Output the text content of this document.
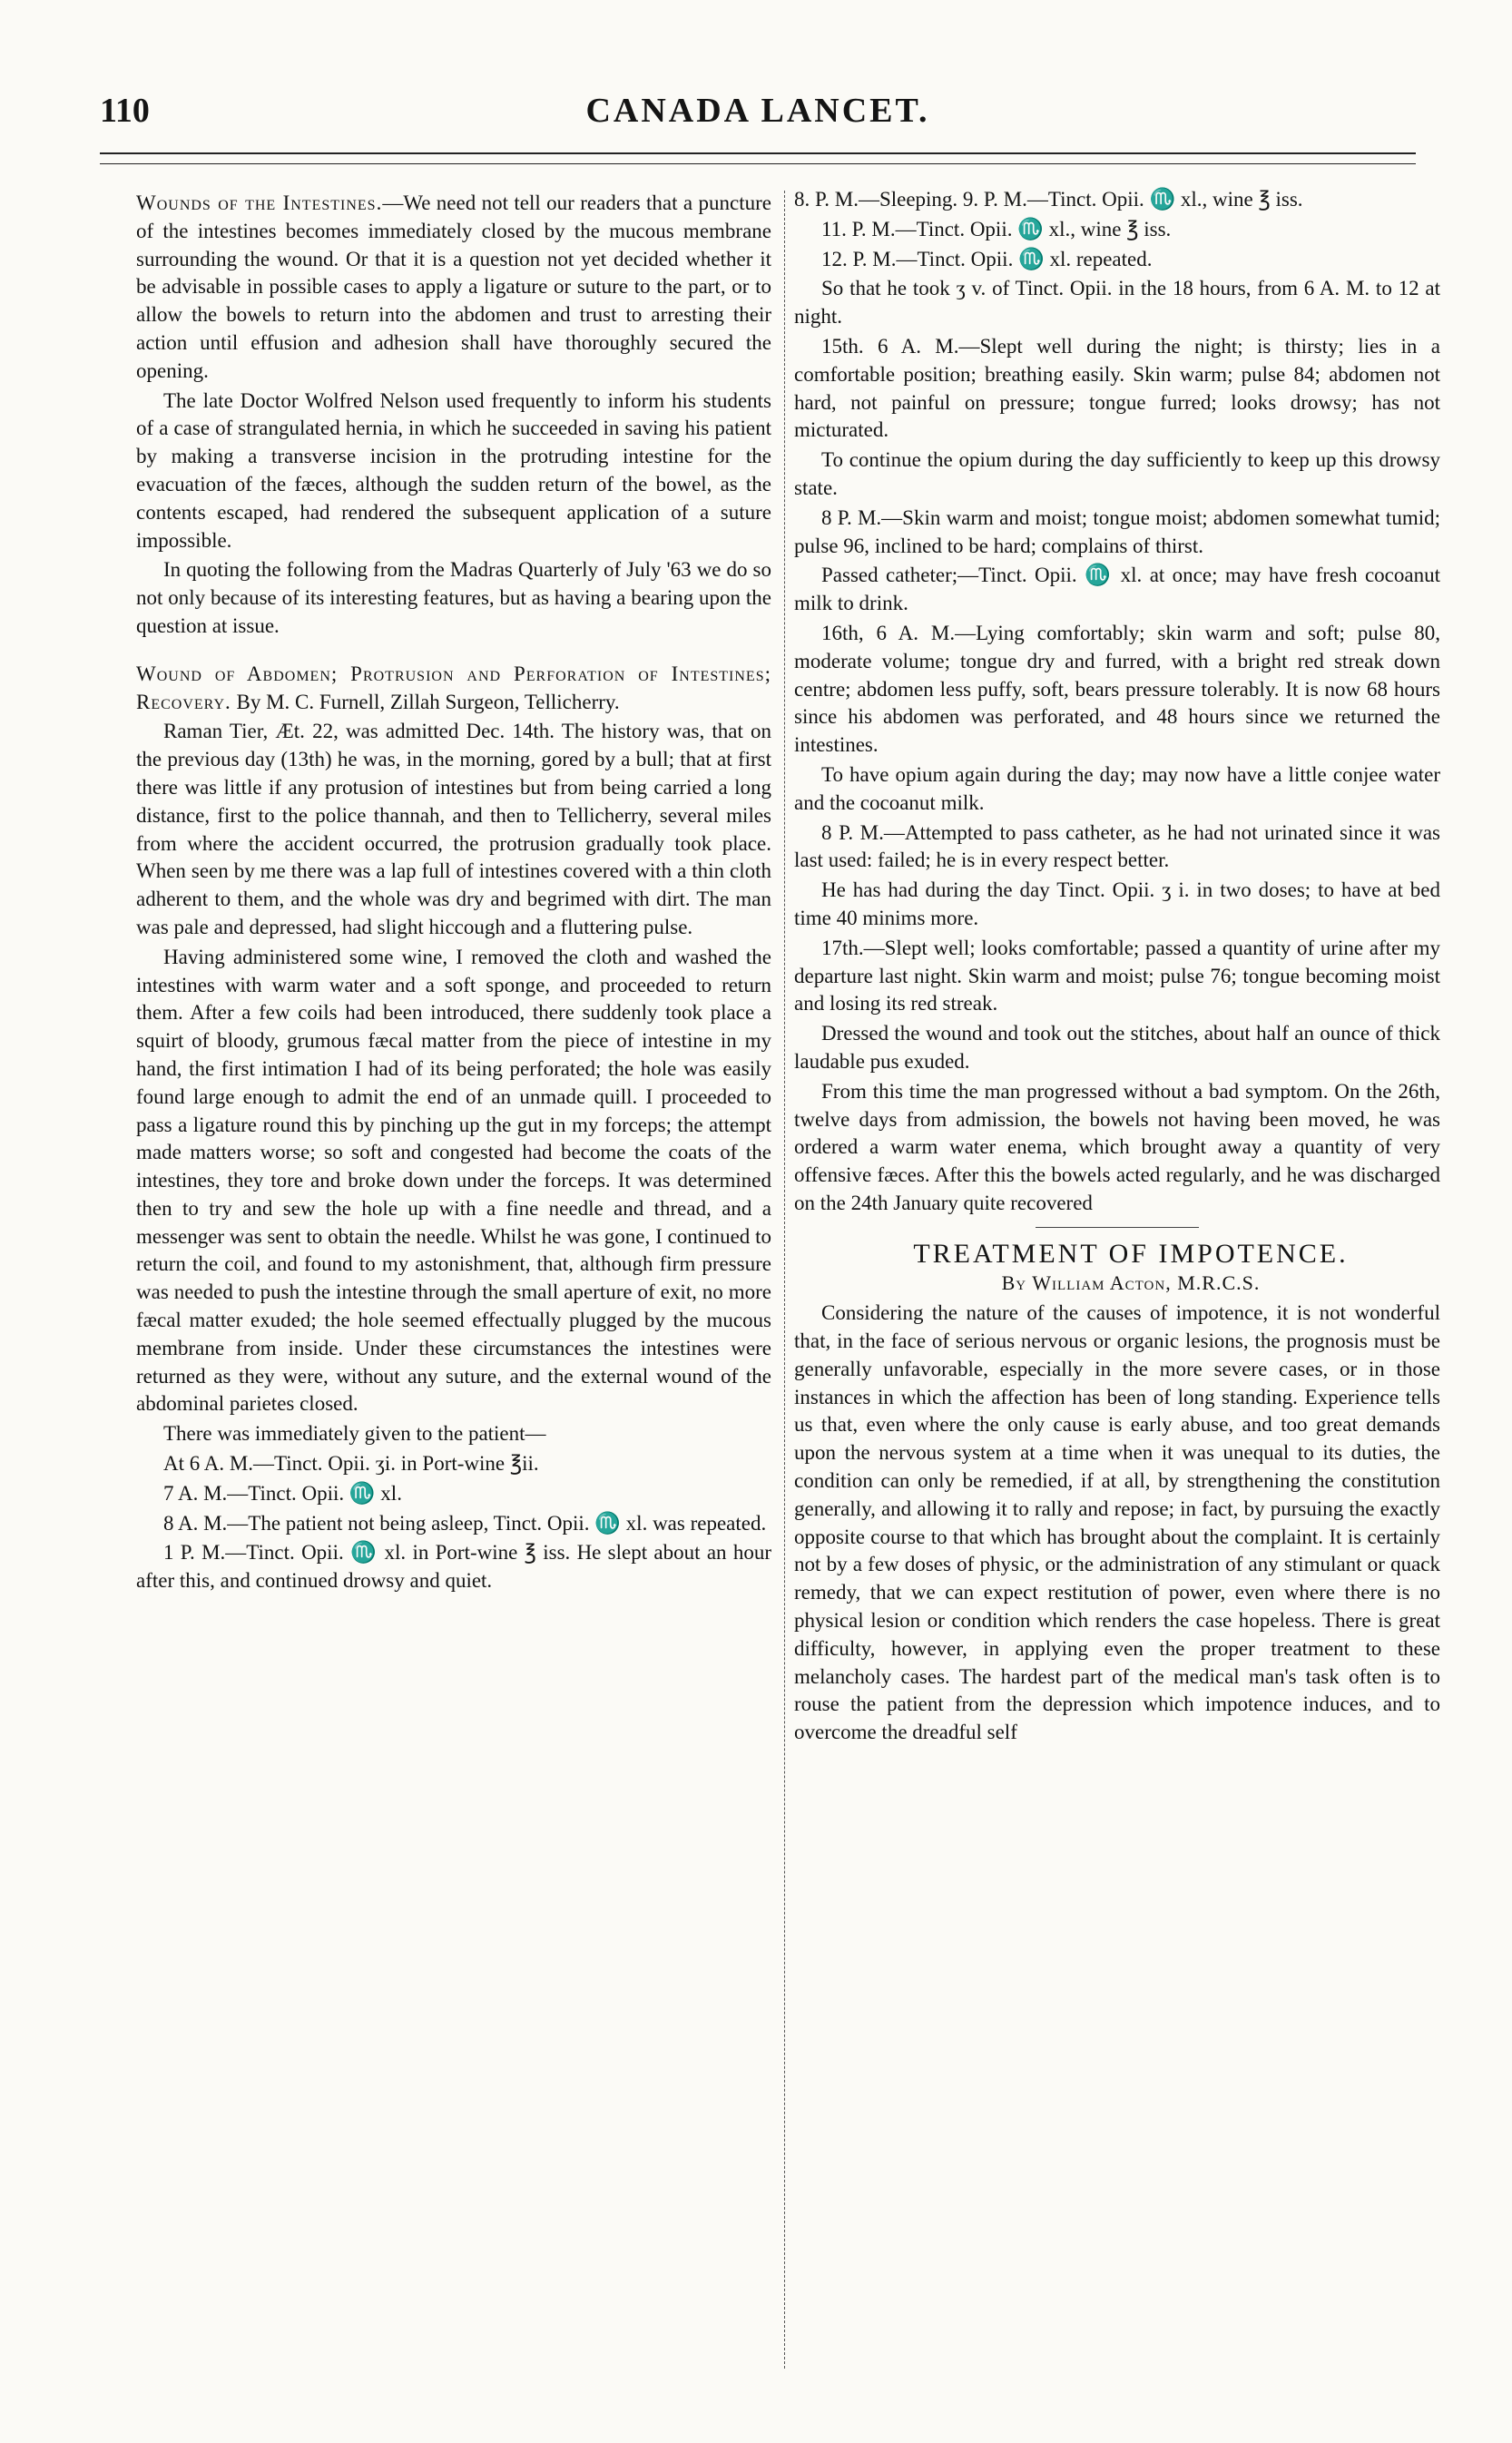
CANADA LANCET.
110

Wounds of the Intestines.—We need not tell our readers that a puncture of the intestines becomes immediately closed by the mucous membrane surrounding the wound. Or that it is a question not yet decided whether it be advisable in possible cases to apply a ligature or suture to the part, or to allow the bowels to return into the abdomen and trust to arresting their action until effusion and adhesion shall have thoroughly secured the opening.

The late Doctor Wolfred Nelson used frequently to inform his students of a case of strangulated hernia, in which he succeeded in saving his patient by making a transverse incision in the protruding intestine for the evacuation of the fæces, although the sudden return of the bowel, as the contents escaped, had rendered the subsequent application of a suture impossible.

In quoting the following from the Madras Quarterly of July '63 we do so not only because of its interesting features, but as having a bearing upon the question at issue.

Wound of Abdomen; Protrusion and Perforation of Intestines; Recovery. By M. C. Furnell, Zillah Surgeon, Tellicherry.

Raman Tier, Æt. 22, was admitted Dec. 14th. The history was, that on the previous day (13th) he was, in the morning, gored by a bull; that at first there was little if any protusion of intestines but from being carried a long distance, first to the police thannah, and then to Tellicherry, several miles from where the accident occurred, the protrusion gradually took place. When seen by me there was a lap full of intestines covered with a thin cloth adherent to them, and the whole was dry and begrimed with dirt. The man was pale and depressed, had slight hiccough and a fluttering pulse.

Having administered some wine, I removed the cloth and washed the intestines with warm water and a soft sponge, and proceeded to return them. After a few coils had been introduced, there suddenly took place a squirt of bloody, grumous fæcal matter from the piece of intestine in my hand, the first intimation I had of its being perforated; the hole was easily found large enough to admit the end of an unmade quill. I proceeded to pass a ligature round this by pinching up the gut in my forceps; the attempt made matters worse; so soft and congested had become the coats of the intestines, they tore and broke down under the forceps. It was determined then to try and sew the hole up with a fine needle and thread, and a messenger was sent to obtain the needle. Whilst he was gone, I continued to return the coil, and found to my astonishment, that, although firm pressure was needed to push the intestine through the small aperture of exit, no more fæcal matter exuded; the hole seemed effectually plugged by the mucous membrane from inside. Under these circumstances the intestines were returned as they were, without any suture, and the external wound of the abdominal parietes closed.

There was immediately given to the patient—

At 6 A. M.—Tinct. Opii. ʒi. in Port-wine ℥ii.

7 A. M.—Tinct. Opii. ♏ xl.

8 A. M.—The patient not being asleep, Tinct. Opii. ♏ xl. was repeated.

1 P. M.—Tinct. Opii. ♏ xl. in Port-wine ℥ iss. He slept about an hour after this, and continued drowsy and quiet.

8. P. M.—Sleeping. 9. P. M.—Tinct. Opii. ♏ xl., wine ℥ iss.

11. P. M.—Tinct. Opii. ♏ xl., wine ℥ iss.

12. P. M.—Tinct. Opii. ♏ xl. repeated.

So that he took ʒ v. of Tinct. Opii. in the 18 hours, from 6 A. M. to 12 at night.

15th. 6 A. M.—Slept well during the night; is thirsty; lies in a comfortable position; breathing easily. Skin warm; pulse 84; abdomen not hard, not painful on pressure; tongue furred; looks drowsy; has not micturated.

To continue the opium during the day sufficiently to keep up this drowsy state.

8 P. M.—Skin warm and moist; tongue moist; abdomen somewhat tumid; pulse 96, inclined to be hard; complains of thirst.

Passed catheter;—Tinct. Opii. ♏ xl. at once; may have fresh cocoanut milk to drink.

16th, 6 A. M.—Lying comfortably; skin warm and soft; pulse 80, moderate volume; tongue dry and furred, with a bright red streak down centre; abdomen less puffy, soft, bears pressure tolerably. It is now 68 hours since his abdomen was perforated, and 48 hours since we returned the intestines.

To have opium again during the day; may now have a little conjee water and the cocoanut milk.

8 P. M.—Attempted to pass catheter, as he had not urinated since it was last used: failed; he is in every respect better.

He has had during the day Tinct. Opii. ʒ i. in two doses; to have at bed time 40 minims more.

17th.—Slept well; looks comfortable; passed a quantity of urine after my departure last night. Skin warm and moist; pulse 76; tongue becoming moist and losing its red streak.

Dressed the wound and took out the stitches, about half an ounce of thick laudable pus exuded.

From this time the man progressed without a bad symptom. On the 26th, twelve days from admission, the bowels not having been moved, he was ordered a warm water enema, which brought away a quantity of very offensive fæces. After this the bowels acted regularly, and he was discharged on the 24th January quite recovered

TREATMENT OF IMPOTENCE.

By William Acton, M.R.C.S.

Considering the nature of the causes of impotence, it is not wonderful that, in the face of serious nervous or organic lesions, the prognosis must be generally unfavorable, especially in the more severe cases, or in those instances in which the affection has been of long standing. Experience tells us that, even where the only cause is early abuse, and too great demands upon the nervous system at a time when it was unequal to its duties, the condition can only be remedied, if at all, by strengthening the constitution generally, and allowing it to rally and repose; in fact, by pursuing the exactly opposite course to that which has brought about the complaint. It is certainly not by a few doses of physic, or the administration of any stimulant or quack remedy, that we can expect restitution of power, even where there is no physical lesion or condition which renders the case hopeless. There is great difficulty, however, in applying even the proper treatment to these melancholy cases. The hardest part of the medical man's task often is to rouse the patient from the depression which impotence induces, and to overcome the dreadful self
